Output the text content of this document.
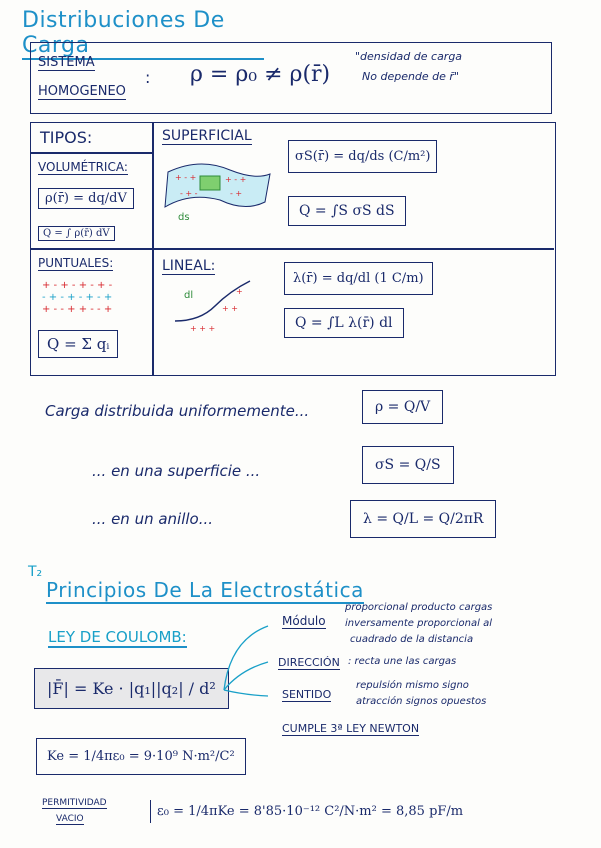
Distribuciones De Carga
SISTEMA
HOMOGENEO
: ρ = ρ₀ ≠ ρ(r̄)
"densidad de carga
No depende de r̄"
TIPOS:
VOLUMÉTRICA:
ρ(r̄) = dq/dV
Q = ∫ ρ(r̄) dV
PUNTUALES:
+ - + - + - + -
- + - + - + - +
+ - - + + - - +
Q = Σ qᵢ
SUPERFICIAL
+ - +	+ - +
- + -	- +
ds
σS(r̄) = dq/ds (C/m²)
Q = ∫S σS dS
LINEAL:
+ + +
+ +
+
dl
λ(r̄) = dq/dl (1 C/m)
Q = ∫L λ(r̄) dl
Carga distribuida uniformemente...	ρ = Q/V
... en una superficie ...	σS = Q/S
... en un anillo...	λ = Q/L = Q/2πR
T₂
Principios De La Electrostática
LEY DE COULOMB:
|F̄| = Ke · |q₁||q₂| / d²
Módulo
proporcional producto cargas
inversamente proporcional al
cuadrado de la distancia
DIRECCIÓN : recta une las cargas
SENTIDO
repulsión mismo signo
atracción signos opuestos
CUMPLE 3ª LEY NEWTON
Ke = 1/4πε₀ = 9·10⁹ N·m²/C²
PERMITIVIDAD
VACIO	ε₀ = 1/4πKe = 8'85·10⁻¹² C²/N·m² = 8,85 pF/m
